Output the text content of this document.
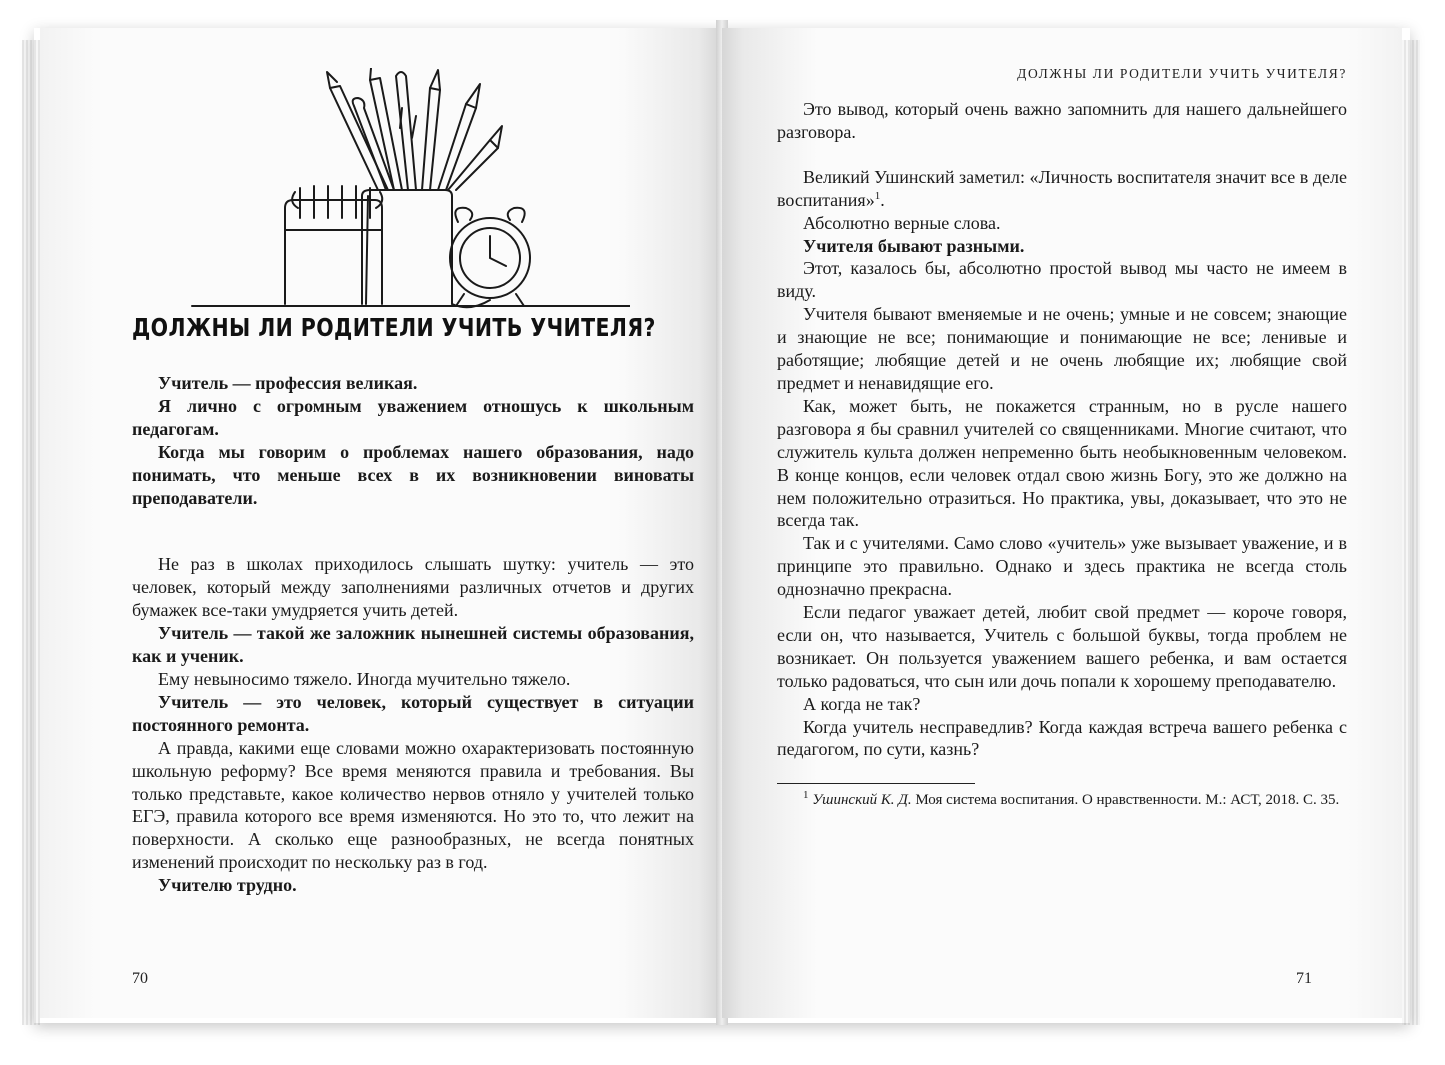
ДОЛЖНЫ ЛИ РОДИТЕЛИ УЧИТЬ УЧИТЕЛЯ?

Учитель — профессия великая.

Я лично с огромным уважением отношусь к школьным педагогам.

Когда мы говорим о проблемах нашего образования, надо понимать, что меньше всех в их возникновении виноваты преподаватели.

Не раз в школах приходилось слышать шутку: учитель — это человек, который между заполнениями различных отчетов и других бумажек все-таки умудряется учить детей.

Учитель — такой же заложник нынешней системы образования, как и ученик.

Ему невыносимо тяжело. Иногда мучительно тяжело.

Учитель — это человек, который существует в ситуации постоянного ремонта.

А правда, какими еще словами можно охарактеризовать постоянную школьную реформу? Все время меняются правила и требования. Вы только представьте, какое количество нервов отняло у учителей только ЕГЭ, правила которого все время изменяются. Но это то, что лежит на поверхности. А сколько еще разнообразных, не всегда понятных изменений происходит по нескольку раз в год.

Учителю трудно.

70
ДОЛЖНЫ ЛИ РОДИТЕЛИ УЧИТЬ УЧИТЕЛЯ?

Это вывод, который очень важно запомнить для нашего дальнейшего разговора.

Великий Ушинский заметил: «Личность воспитателя значит все в деле воспитания»$^1$.

Абсолютно верные слова.

Учителя бывают разными.

Этот, казалось бы, абсолютно простой вывод мы часто не имеем в виду.

Учителя бывают вменяемые и не очень; умные и не совсем; знающие и знающие не все; понимающие и понимающие не все; ленивые и работящие; любящие детей и не очень любящие их; любящие свой предмет и ненавидящие его.

Как, может быть, не покажется странным, но в русле нашего разговора я бы сравнил учителей со священниками. Многие считают, что служитель культа должен непременно быть необыкновенным человеком. В конце концов, если человек отдал свою жизнь Богу, это же должно на нем положительно отразиться. Но практика, увы, доказывает, что это не всегда так.

Так и с учителями. Само слово «учитель» уже вызывает уважение, и в принципе это правильно. Однако и здесь практика не всегда столь однозначно прекрасна.

Если педагог уважает детей, любит свой предмет — короче говоря, если он, что называется, Учитель с большой буквы, тогда проблем не возникает. Он пользуется уважением вашего ребенка, и вам остается только радоваться, что сын или дочь попали к хорошему преподавателю.

А когда не так?

Когда учитель несправедлив? Когда каждая встреча вашего ребенка с педагогом, по сути, казнь?

$^1$ Ушинский К. Д. Моя система воспитания. О нравственности. М.: АСТ, 2018. С. 35.

71
